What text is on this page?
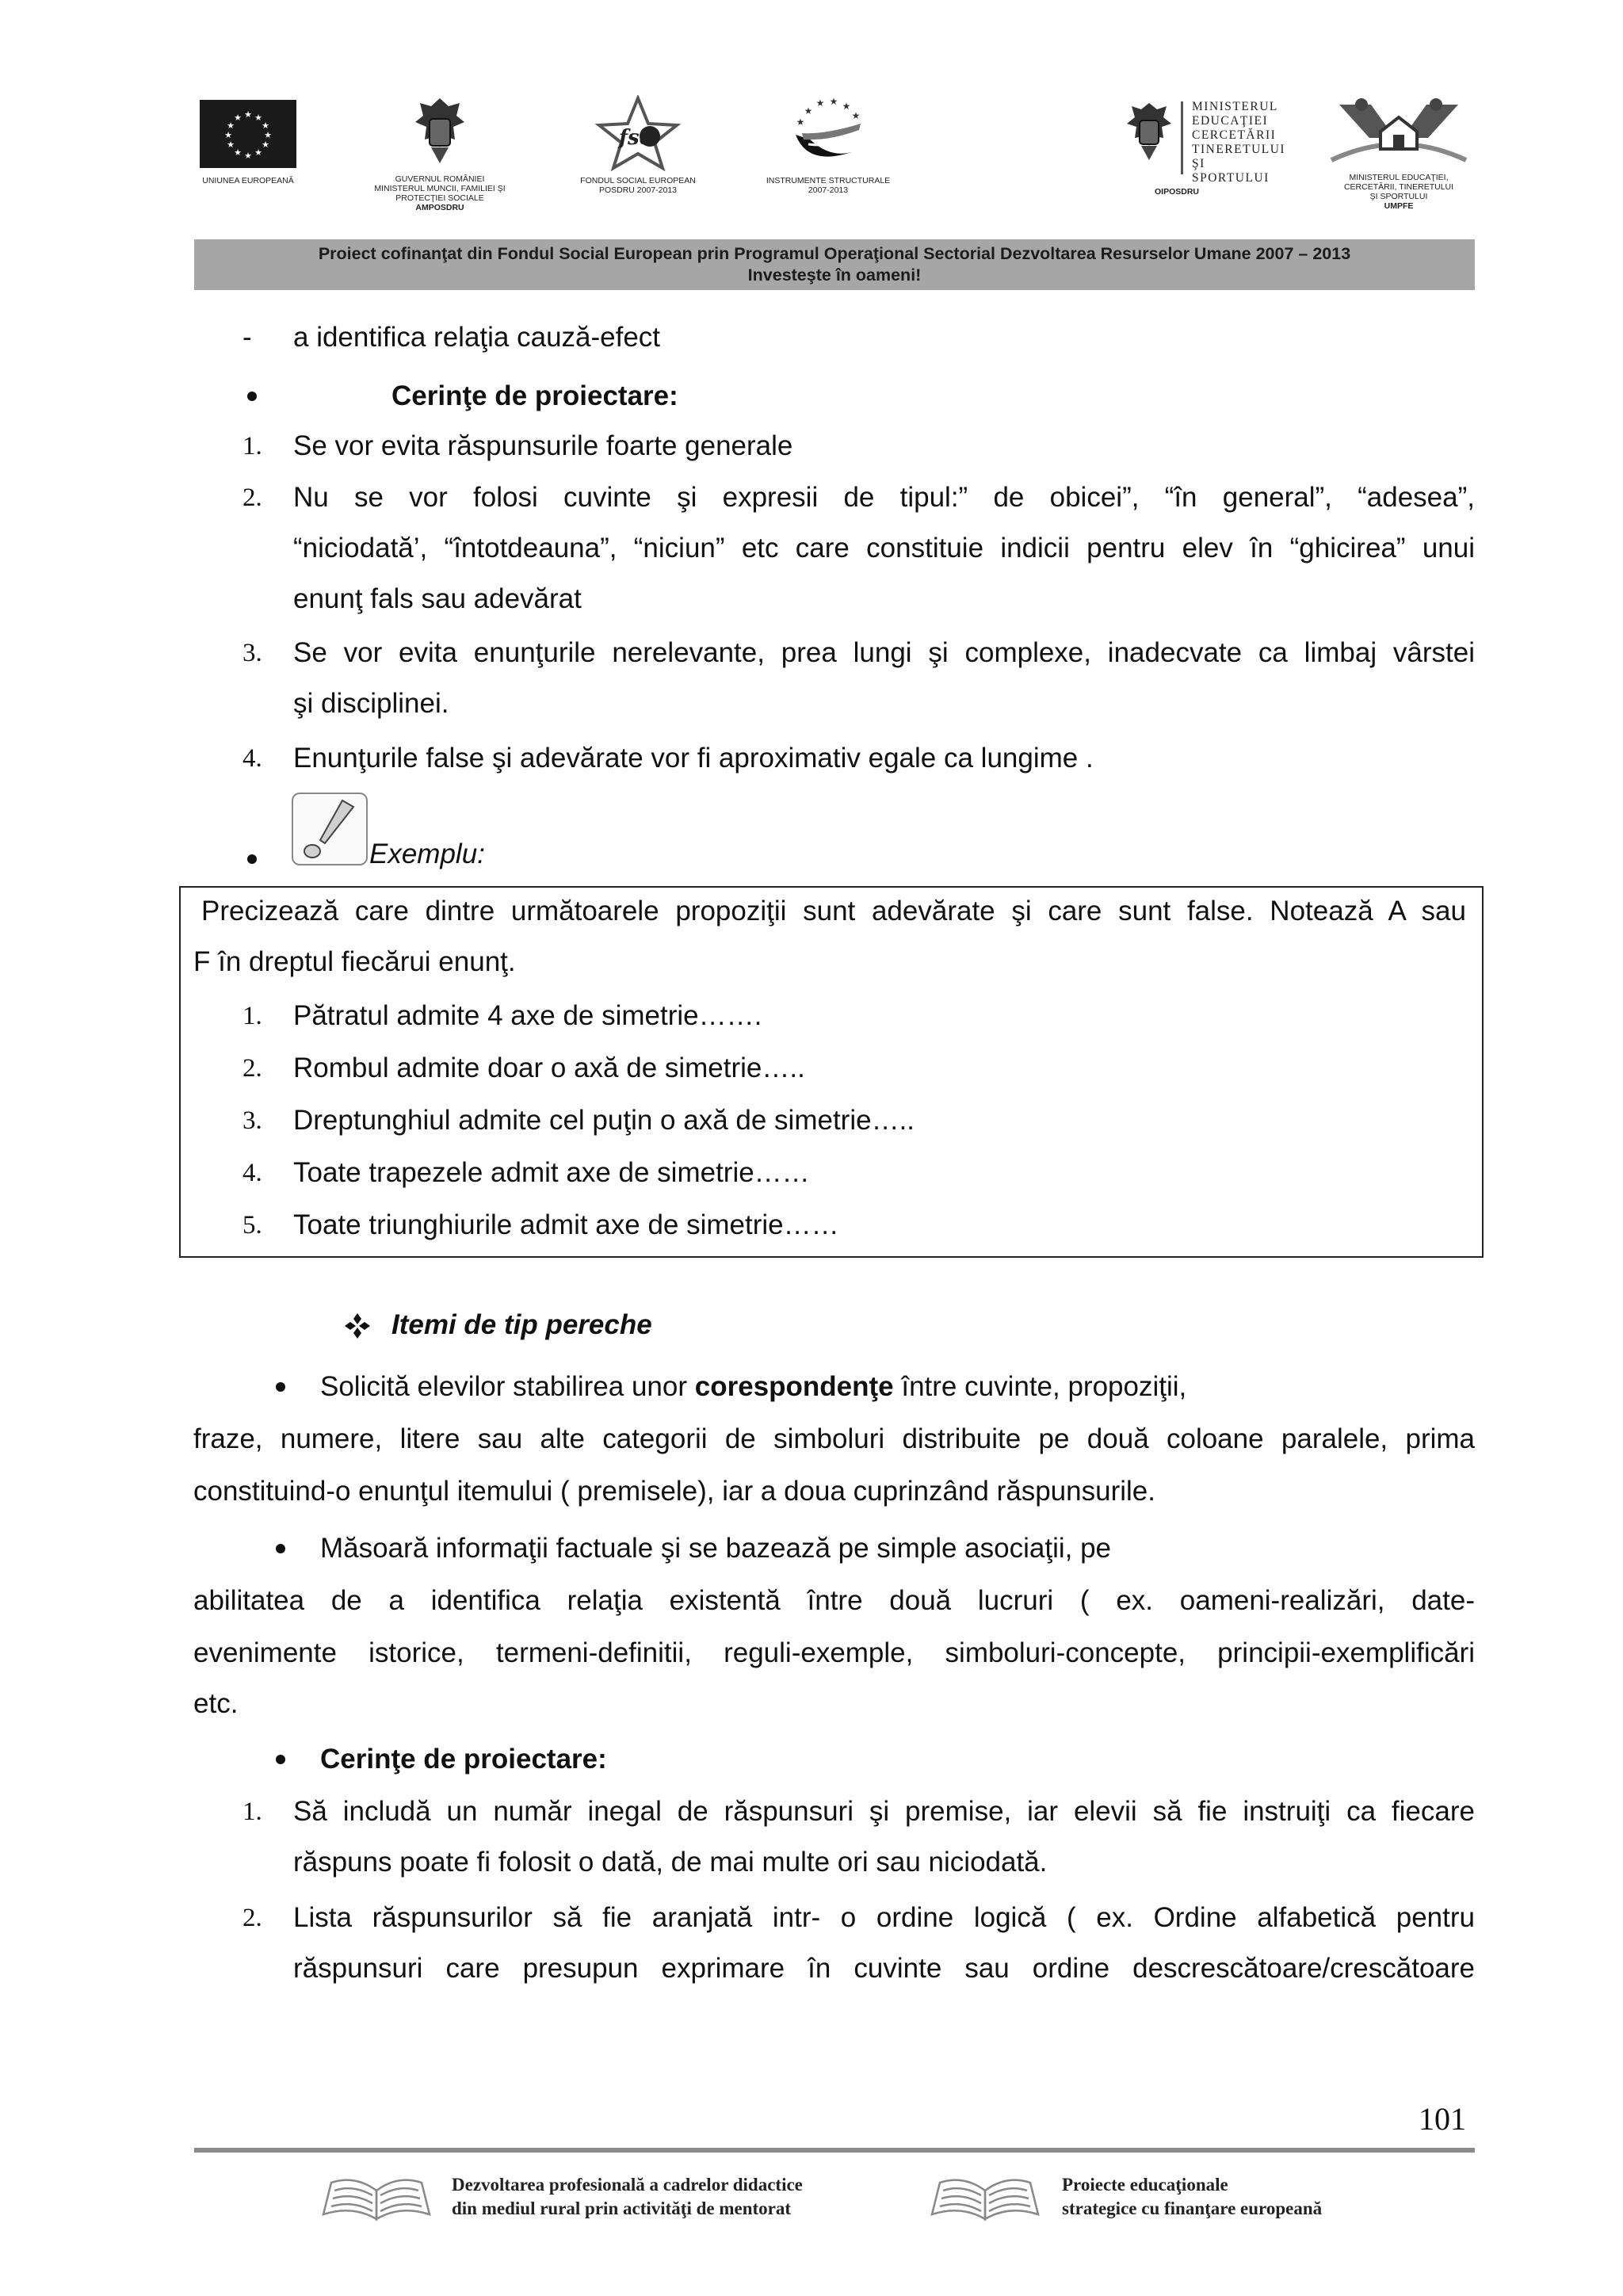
★ ★
★
★
★
★
★
★
★
★
★
★
UNIUNEA EUROPEANĂ	GUVERNUL ROMÂNIEI
MINISTERUL MUNCII, FAMILIEI ŞI
PROTECŢIEI SOCIALE
AMPOSDRU
fse
FONDUL SOCIAL EUROPEAN
POSDRU 2007-2013
★
★ ★ ★
★
★
INSTRUMENTE STRUCTURALE
2007-2013
MINISTERUL
EDUCAŢIEI
CERCETĂRII
TINERETULUI
ŞI SPORTULUI
OIPOSDRU
MINISTERUL EDUCAŢIEI,
CERCETĂRII, TINERETULUI
ŞI SPORTULUI
UMPFE
Proiect cofinanţat din Fondul Social European prin Programul Operaţional Sectorial Dezvoltarea Resurselor Umane 2007 – 2013
Investeşte în oameni!
- a identifica relaţia cauză-efect
Cerinţe de proiectare:
1. Se vor evita răspunsurile foarte generale
2. Nu se vor folosi cuvinte şi expresii de tipul:” de obicei”, “în general”, “adesea”,
“niciodată’, “întotdeauna”, “niciun” etc care constituie indicii pentru elev în “ghicirea” unui
enunţ fals sau adevărat
3. Se vor evita enunţurile nerelevante, prea lungi şi complexe, inadecvate ca limbaj vârstei
şi disciplinei.
4. Enunţurile false şi adevărate vor fi aproximativ egale ca lungime .
Exemplu:
Precizează care dintre următoarele propoziţii sunt adevărate şi care sunt false. Notează A sau
F în dreptul fiecărui enunţ.
1. Pătratul admite 4 axe de simetrie…….
2. Rombul admite doar o axă de simetrie…..
3. Dreptunghiul admite cel puţin o axă de simetrie…..
4. Toate trapezele admit axe de simetrie……
5. Toate triunghiurile admit axe de simetrie……
Itemi de tip pereche
Solicită elevilor stabilirea unor corespondenţe între cuvinte, propoziţii,
fraze, numere, litere sau alte categorii de simboluri distribuite pe două coloane paralele, prima
constituind-o enunţul itemului ( premisele), iar a doua cuprinzând răspunsurile.
Măsoară informaţii factuale şi se bazează pe simple asociaţii, pe
abilitatea de a identifica relaţia existentă între două lucruri ( ex. oameni-realizări, date-
evenimente istorice, termeni-definitii, reguli-exemple, simboluri-concepte, principii-exemplificări
etc.
Cerinţe de proiectare:
1. Să includă un număr inegal de răspunsuri şi premise, iar elevii să fie instruiţi ca fiecare
răspuns poate fi folosit o dată, de mai multe ori sau niciodată.
2. Lista răspunsurilor să fie aranjată intr- o ordine logică ( ex. Ordine alfabetică pentru
răspunsuri care presupun exprimare în cuvinte sau ordine descrescătoare/crescătoare
101
Dezvoltarea profesională a cadrelor didactice
din mediul rural prin activităţi de mentorat
Proiecte educaţionale
strategice cu finanţare europeană
